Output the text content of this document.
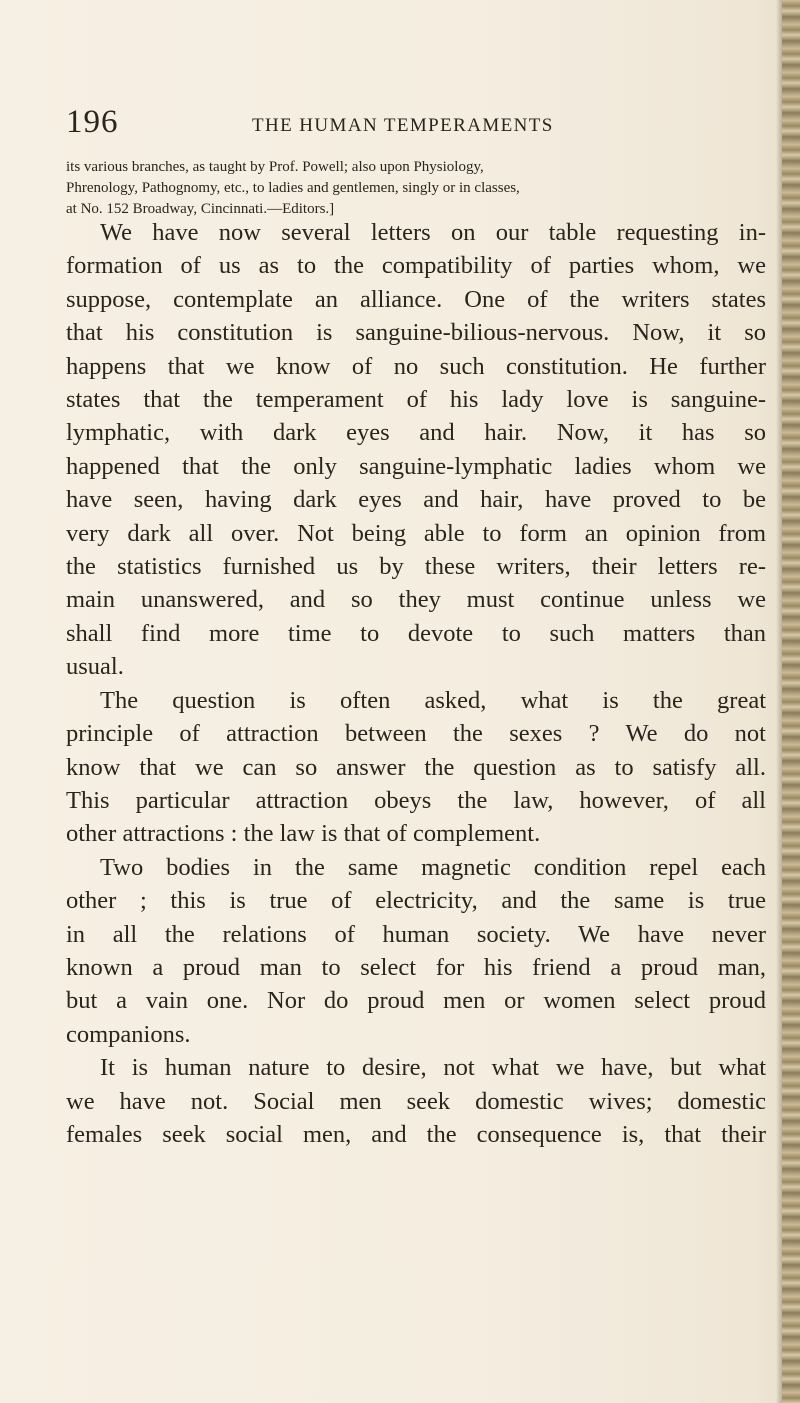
196	THE HUMAN TEMPERAMENTS
its various branches, as taught by Prof. Powell; also upon Physiology,
Phrenology, Pathognomy, etc., to ladies and gentlemen, singly or in classes,
at No. 152 Broadway, Cincinnati.—Editors.]
We have now several letters on our table requesting in-
formation of us as to the compatibility of parties whom, we
suppose, contemplate an alliance. One of the writers states
that his constitution is sanguine-bilious-nervous. Now, it so
happens that we know of no such constitution. He further
states that the temperament of his lady love is sanguine-
lymphatic, with dark eyes and hair. Now, it has so
happened that the only sanguine-lymphatic ladies whom we
have seen, having dark eyes and hair, have proved to be
very dark all over. Not being able to form an opinion from
the statistics furnished us by these writers, their letters re-
main unanswered, and so they must continue unless we
shall find more time to devote to such matters than
usual.
The question is often asked, what is the great
principle of attraction between the sexes ? We do not
know that we can so answer the question as to satisfy all.
This particular attraction obeys the law, however, of all
other attractions : the law is that of complement.
Two bodies in the same magnetic condition repel each
other ; this is true of electricity, and the same is true
in all the relations of human society. We have never
known a proud man to select for his friend a proud man,
but a vain one. Nor do proud men or women select proud
companions.
It is human nature to desire, not what we have, but what
we have not. Social men seek domestic wives; domestic
females seek social men, and the consequence is, that their
